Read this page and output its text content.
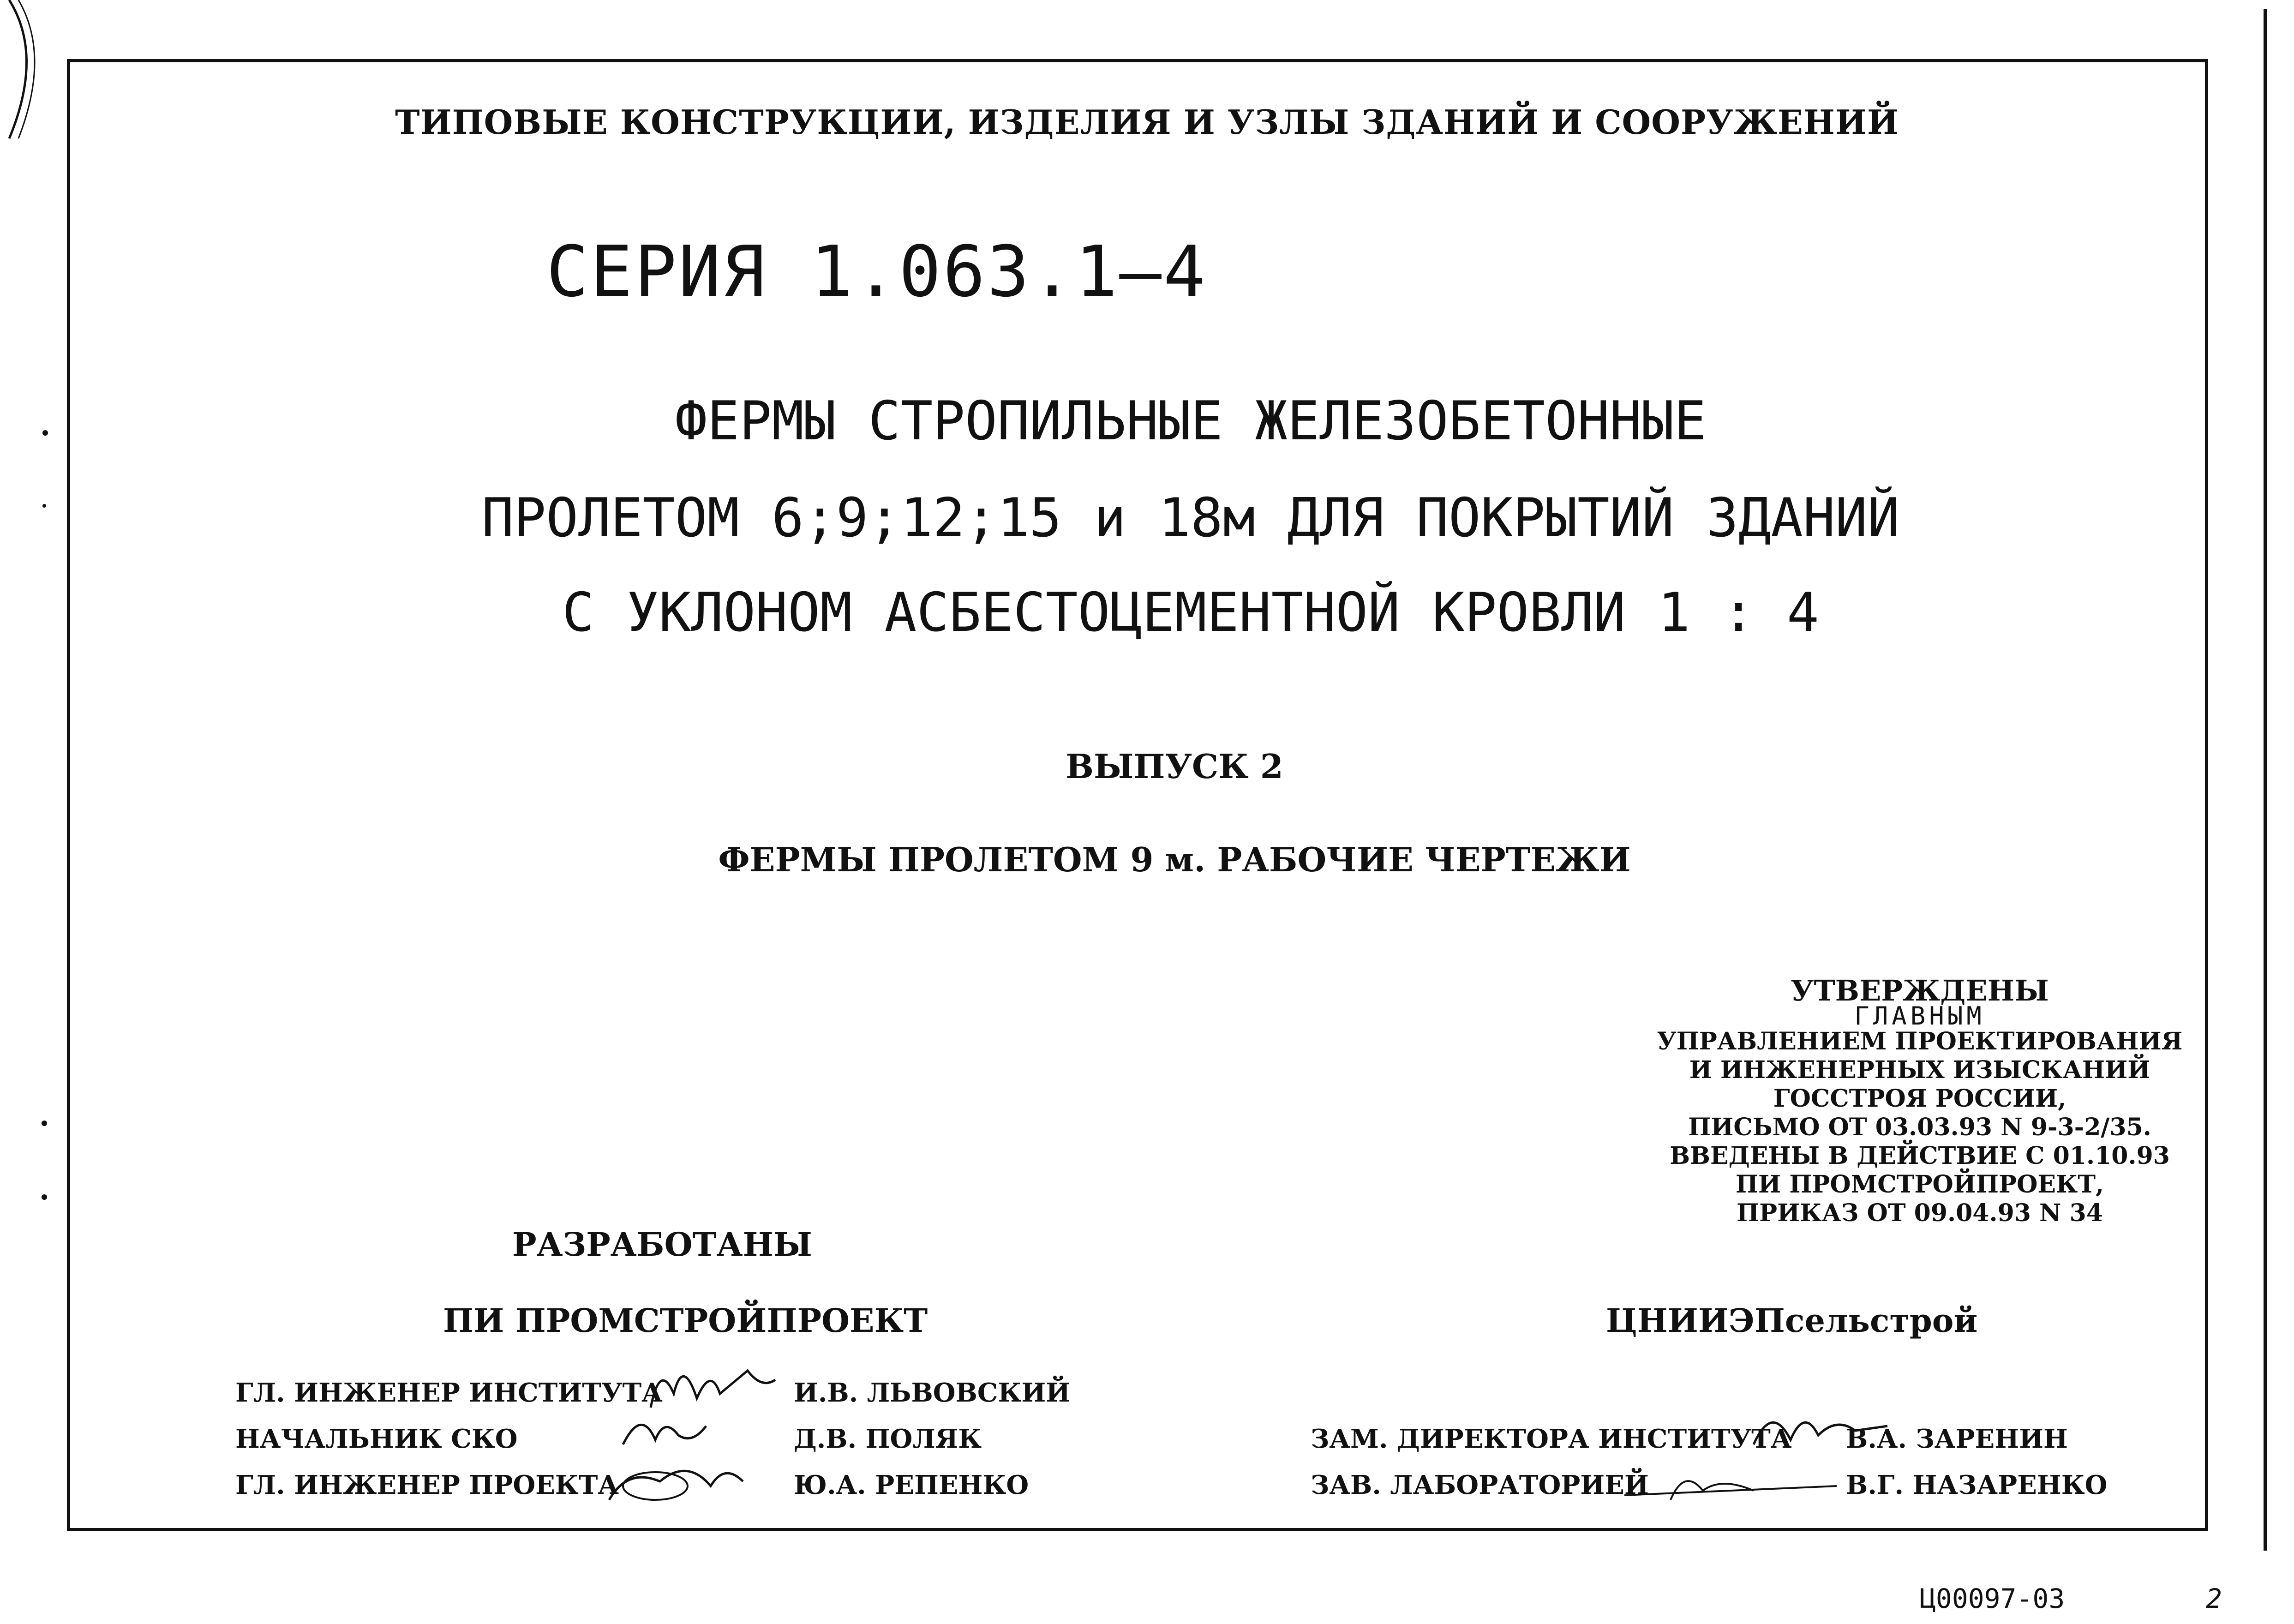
ТИПОВЫЕ КОНСТРУКЦИИ, ИЗДЕЛИЯ И УЗЛЫ ЗДАНИЙ И СООРУЖЕНИЙ
СЕРИЯ 1.063.1–4
ФЕРМЫ СТРОПИЛЬНЫЕ ЖЕЛЕЗОБЕТОННЫЕ
ПРОЛЕТОМ 6;9;12;15 и 18м ДЛЯ ПОКРЫТИЙ ЗДАНИЙ
С УКЛОНОМ АСБЕСТОЦЕМЕНТНОЙ КРОВЛИ 1 : 4
ВЫПУСК 2
ФЕРМЫ ПРОЛЕТОМ 9 м. РАБОЧИЕ ЧЕРТЕЖИ
УТВЕРЖДЕНЫ
ГЛАВНЫМ
УПРАВЛЕНИЕМ ПРОЕКТИРОВАНИЯ
И ИНЖЕНЕРНЫХ ИЗЫСКАНИЙ
ГОССТРОЯ РОССИИ,
ПИСЬМО ОТ 03.03.93 N 9-3-2/35.
ВВЕДЕНЫ В ДЕЙСТВИЕ С 01.10.93
ПИ ПРОМСТРОЙПРОЕКТ,
ПРИКАЗ ОТ 09.04.93 N 34
РАЗРАБОТАНЫ
ПИ ПРОМСТРОЙПРОЕКТ	ЦНИИЭПсельстрой
ГЛ. ИНЖЕНЕР ИНСТИТУТА	И.В. ЛЬВОВСКИЙ
НАЧАЛЬНИК СКО	Д.В. ПОЛЯК
ГЛ. ИНЖЕНЕР ПРОЕКТА	Ю.А. РЕПЕНКО
ЗАМ. ДИРЕКТОРА ИНСТИТУТА В.А. ЗАРЕНИН
ЗАВ. ЛАБОРАТОРИЕЙ	В.Г. НАЗАРЕНКО
Ц00097-03	2
